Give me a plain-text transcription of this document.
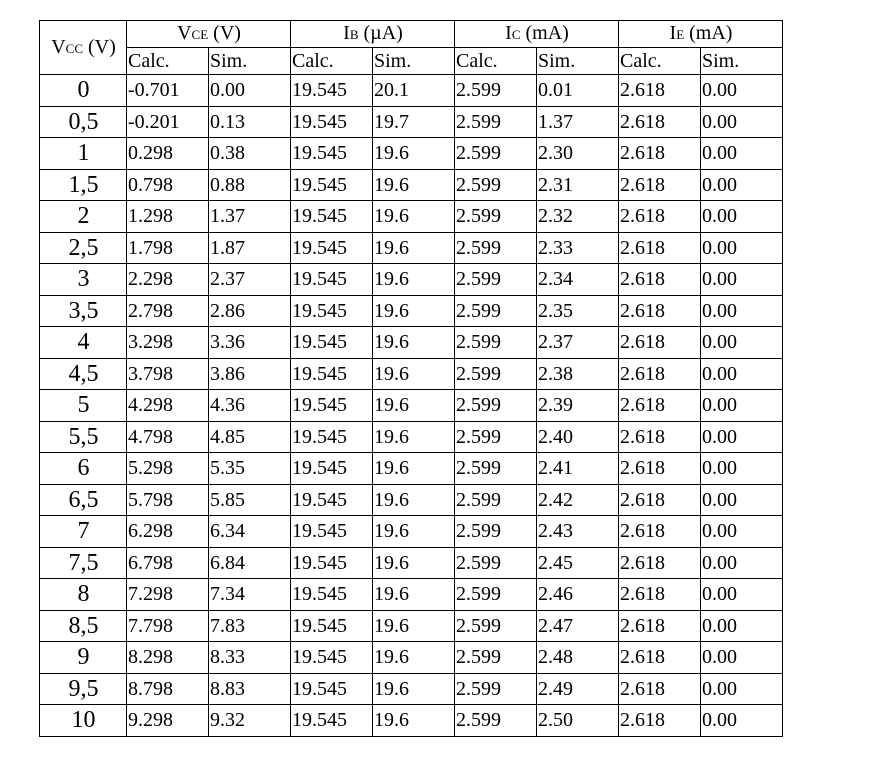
VCC (V)	VCE (V)		IB (µA)		IC (mA)		IE (mA)	
	Calc.	Sim.	Calc.	Sim.	Calc.	Sim.	Calc.	Sim.
0	-0.701	0.00	19.545	20.1	2.599	0.01	2.618	0.00
0,5	-0.201	0.13	19.545	19.7	2.599	1.37	2.618	0.00
1	0.298	0.38	19.545	19.6	2.599	2.30	2.618	0.00
1,5	0.798	0.88	19.545	19.6	2.599	2.31	2.618	0.00
2	1.298	1.37	19.545	19.6	2.599	2.32	2.618	0.00
2,5	1.798	1.87	19.545	19.6	2.599	2.33	2.618	0.00
3	2.298	2.37	19.545	19.6	2.599	2.34	2.618	0.00
3,5	2.798	2.86	19.545	19.6	2.599	2.35	2.618	0.00
4	3.298	3.36	19.545	19.6	2.599	2.37	2.618	0.00
4,5	3.798	3.86	19.545	19.6	2.599	2.38	2.618	0.00
5	4.298	4.36	19.545	19.6	2.599	2.39	2.618	0.00
5,5	4.798	4.85	19.545	19.6	2.599	2.40	2.618	0.00
6	5.298	5.35	19.545	19.6	2.599	2.41	2.618	0.00
6,5	5.798	5.85	19.545	19.6	2.599	2.42	2.618	0.00
7	6.298	6.34	19.545	19.6	2.599	2.43	2.618	0.00
7,5	6.798	6.84	19.545	19.6	2.599	2.45	2.618	0.00
8	7.298	7.34	19.545	19.6	2.599	2.46	2.618	0.00
8,5	7.798	7.83	19.545	19.6	2.599	2.47	2.618	0.00
9	8.298	8.33	19.545	19.6	2.599	2.48	2.618	0.00
9,5	8.798	8.83	19.545	19.6	2.599	2.49	2.618	0.00
10	9.298	9.32	19.545	19.6	2.599	2.50	2.618	0.00
